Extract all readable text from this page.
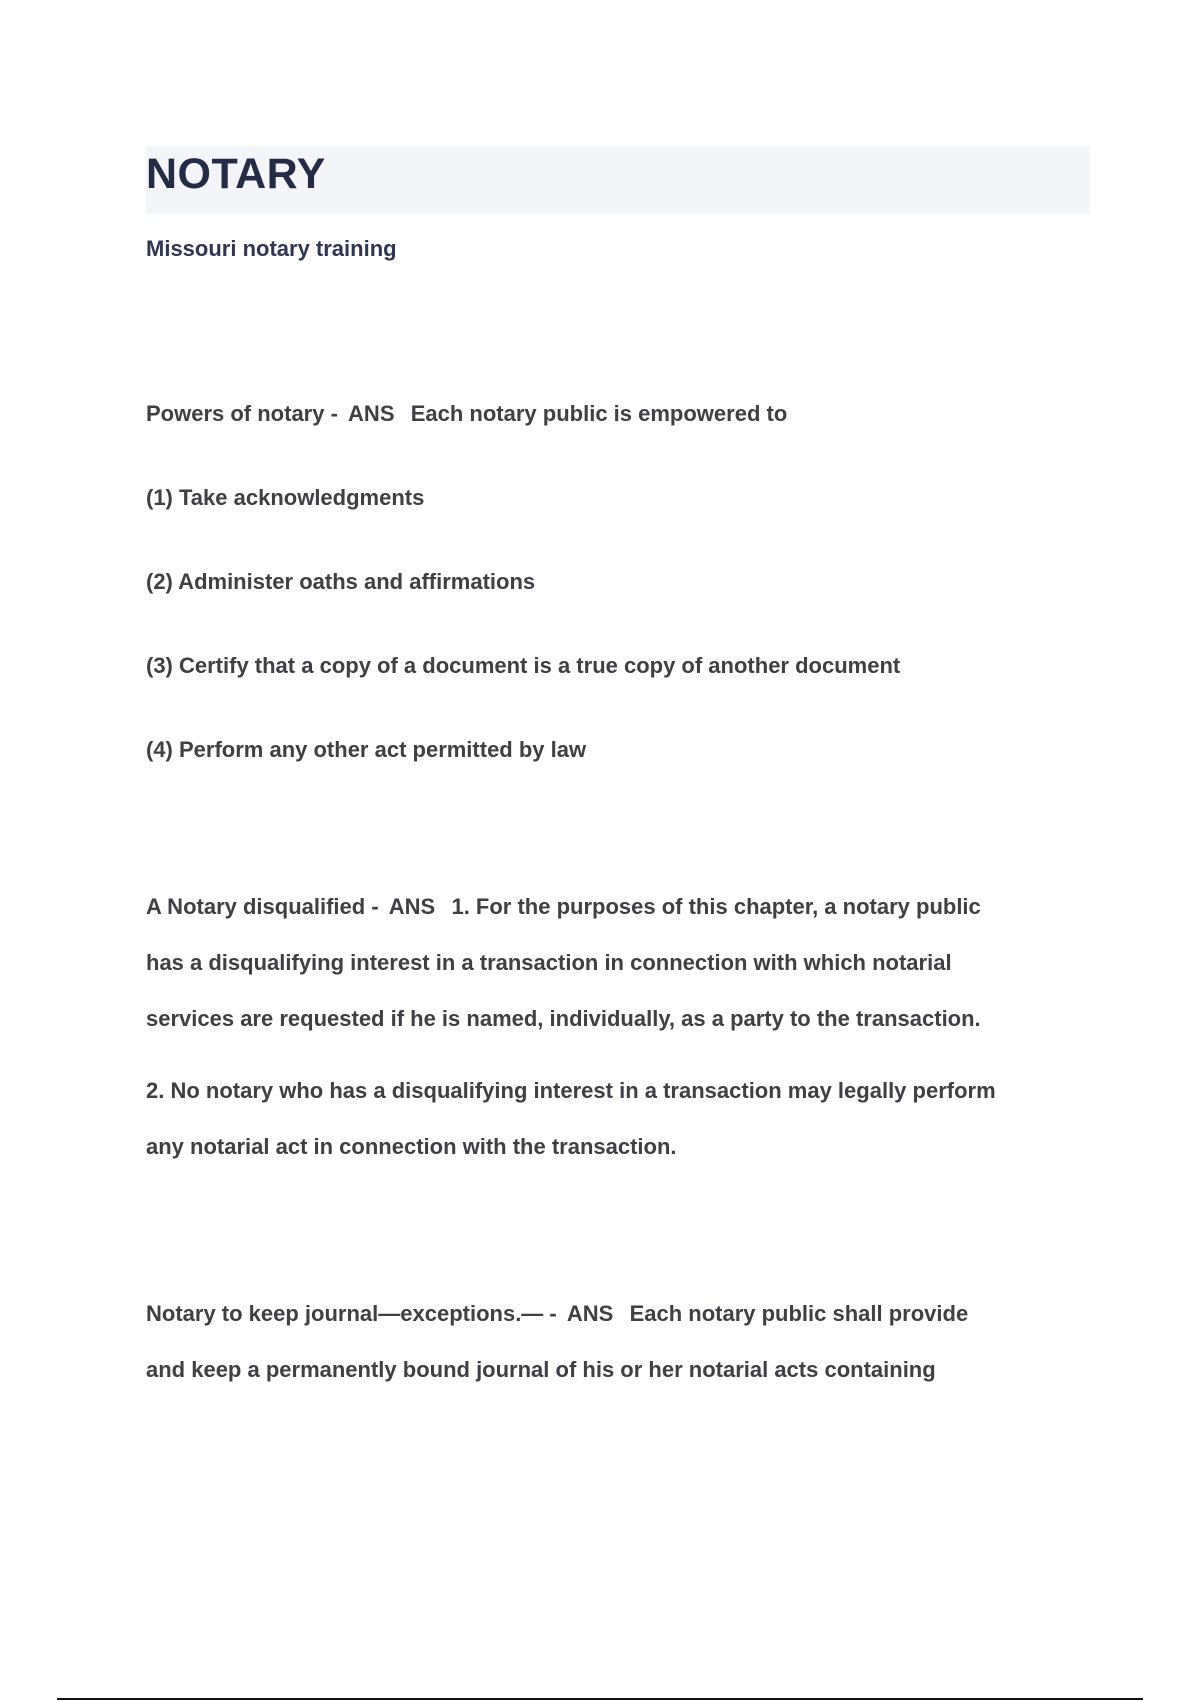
NOTARY
Missouri notary training

Powers of notary - ANS Each notary public is empowered to

(1) Take acknowledgments

(2) Administer oaths and affirmations

(3) Certify that a copy of a document is a true copy of another document

(4) Perform any other act permitted by law

A Notary disqualified - ANS 1. For the purposes of this chapter, a notary public

has a disqualifying interest in a transaction in connection with which notarial

services are requested if he is named, individually, as a party to the transaction.

2. No notary who has a disqualifying interest in a transaction may legally perform

any notarial act in connection with the transaction.

Notary to keep journal—exceptions.— - ANS Each notary public shall provide

and keep a permanently bound journal of his or her notarial acts containing
